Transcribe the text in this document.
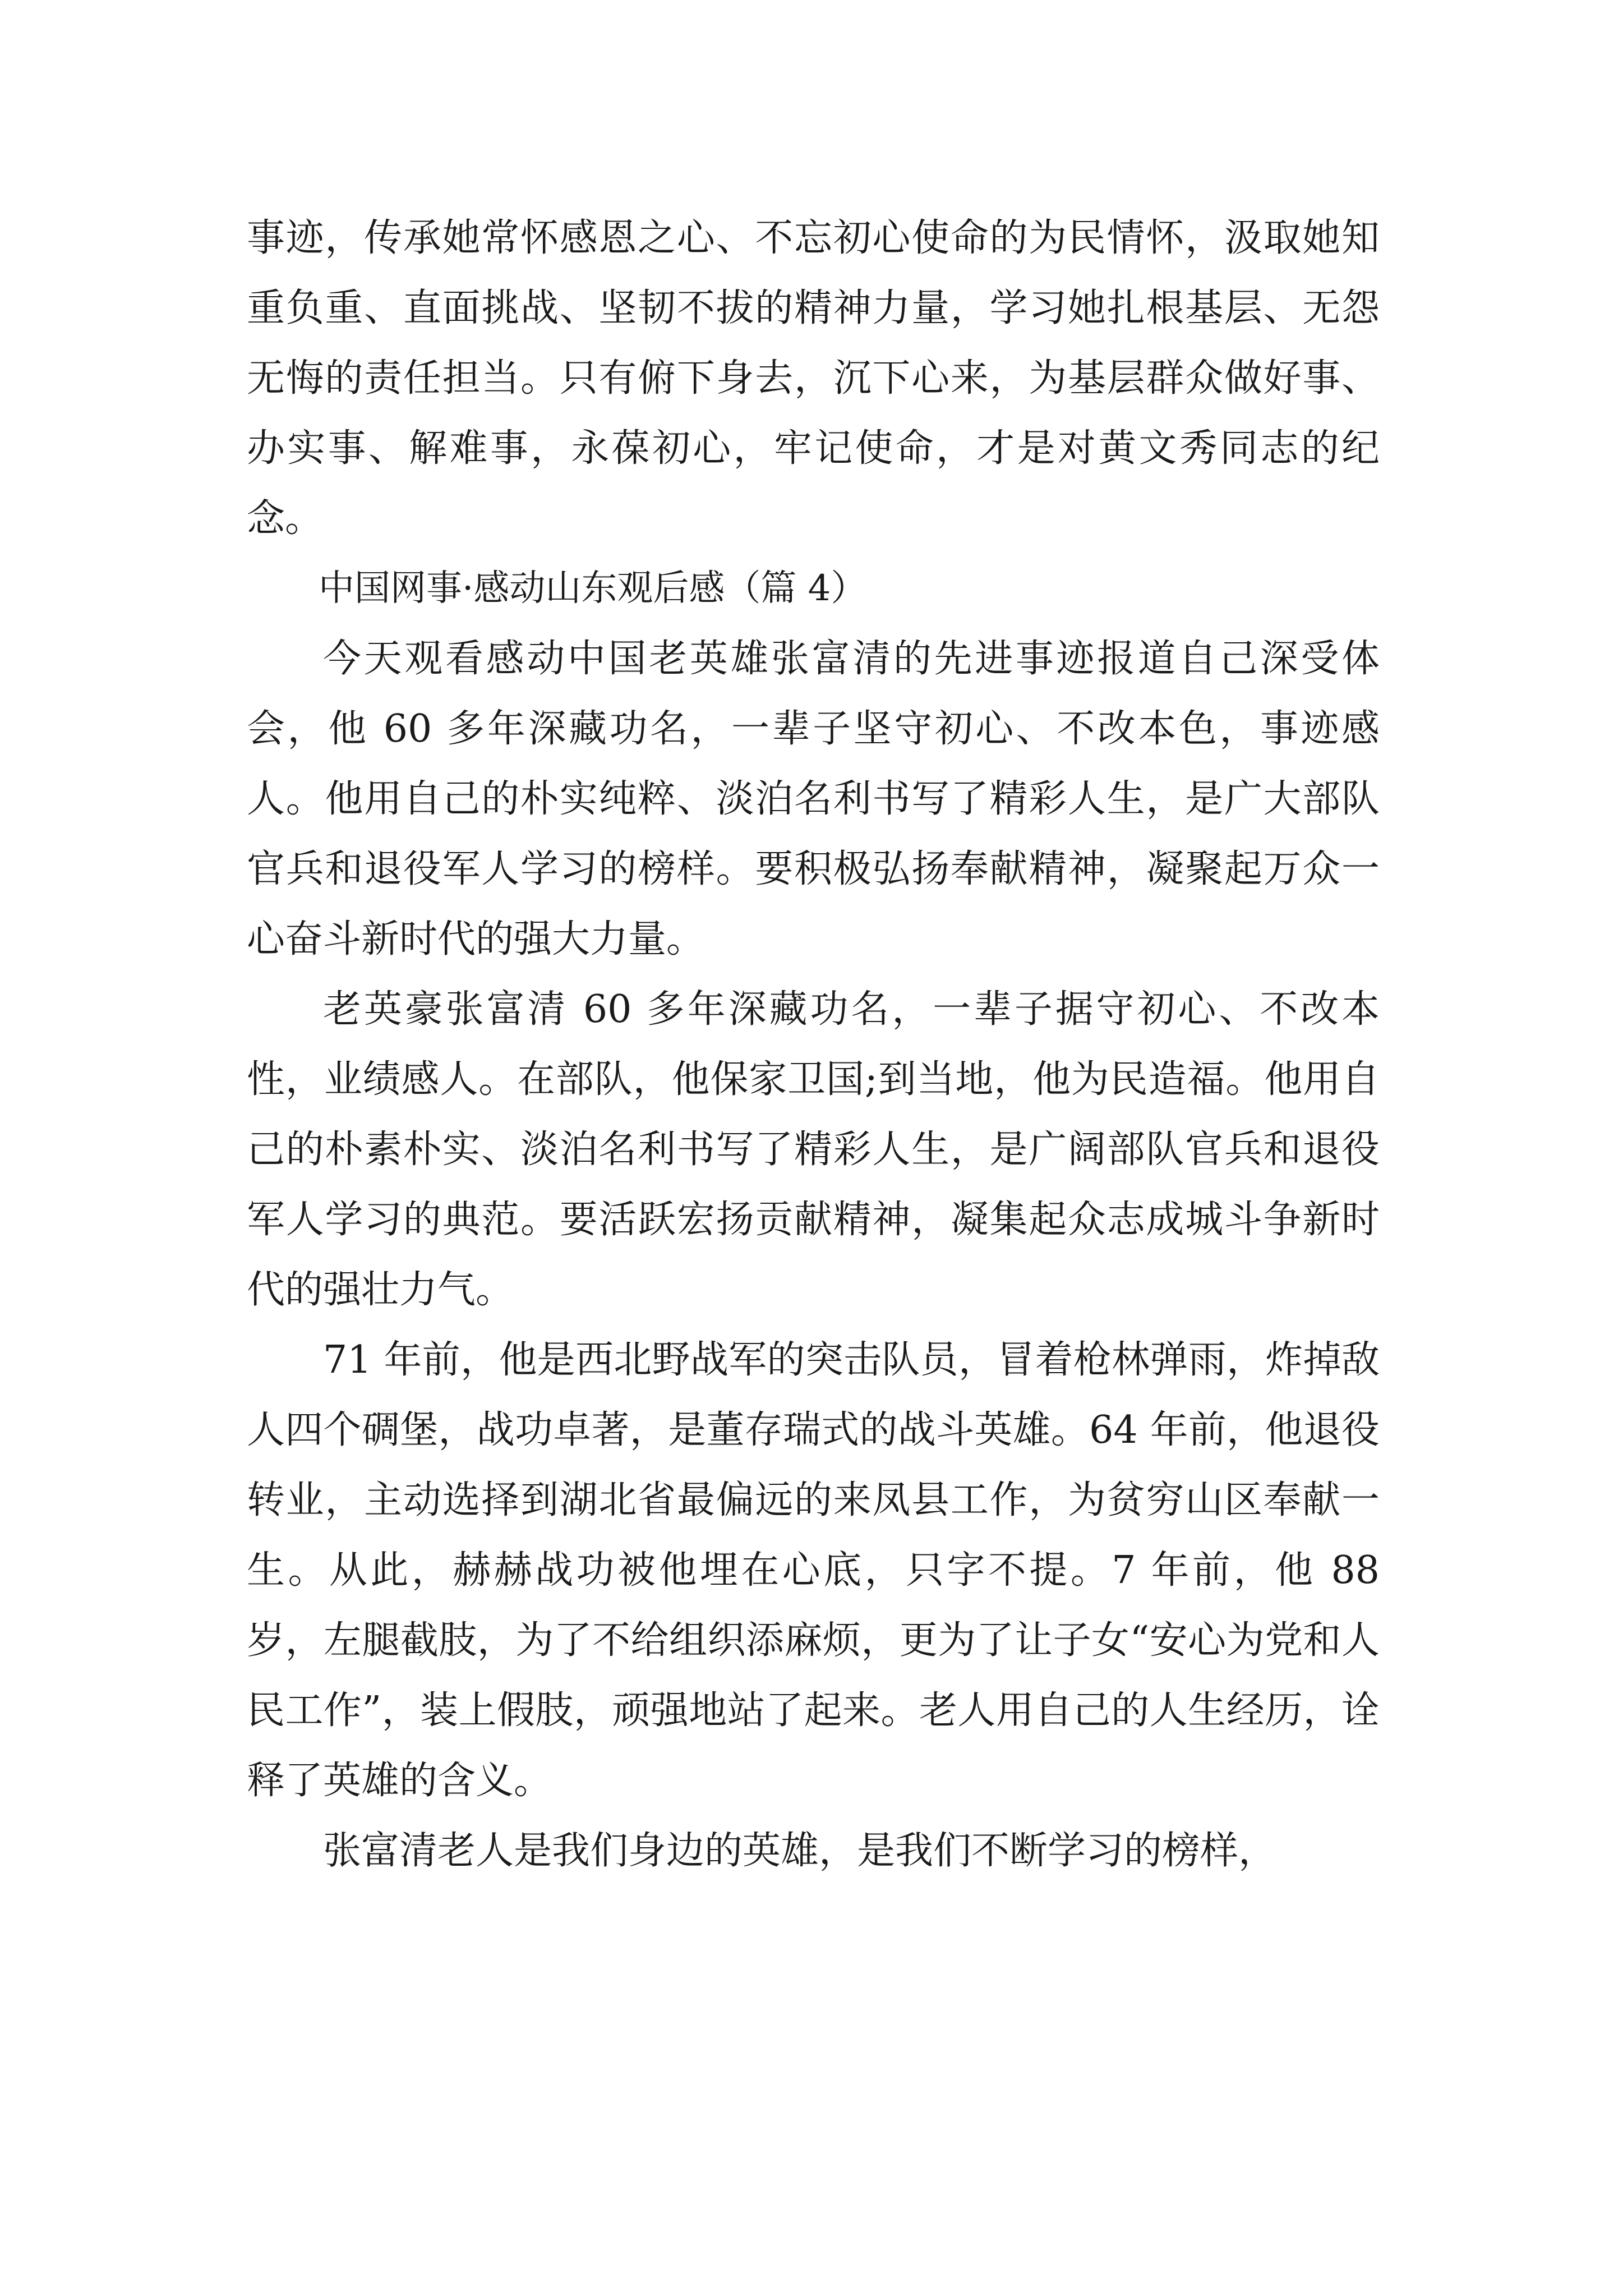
事迹，传承她常怀感恩之心、不忘初心使命的为民情怀，汲取她知重负重、直面挑战、坚韧不拔的精神力量，学习她扎根基层、无怨无悔的责任担当。只有俯下身去，沉下心来，为基层群众做好事、办实事、解难事，永葆初心，牢记使命，才是对黄文秀同志的纪念。

中国网事·感动山东观后感（篇 4）

今天观看感动中国老英雄张富清的先进事迹报道自己深受体会，他 60 多年深藏功名，一辈子坚守初心、不改本色，事迹感人。他用自己的朴实纯粹、淡泊名利书写了精彩人生，是广大部队官兵和退役军人学习的榜样。要积极弘扬奉献精神，凝聚起万众一心奋斗新时代的强大力量。

老英豪张富清 60 多年深藏功名，一辈子据守初心、不改本性，业绩感人。在部队，他保家卫国;到当地，他为民造福。他用自己的朴素朴实、淡泊名利书写了精彩人生，是广阔部队官兵和退役军人学习的典范。要活跃宏扬贡献精神，凝集起众志成城斗争新时代的强壮力气。

71 年前，他是西北野战军的突击队员，冒着枪林弹雨，炸掉敌人四个碉堡，战功卓著，是董存瑞式的战斗英雄。64 年前，他退役转业，主动选择到湖北省最偏远的来凤县工作，为贫穷山区奉献一生。从此，赫赫战功被他埋在心底，只字不提。7 年前，他 88 岁，左腿截肢，为了不给组织添麻烦，更为了让子女“安心为党和人民工作”，装上假肢，顽强地站了起来。老人用自己的人生经历，诠释了英雄的含义。

张富清老人是我们身边的英雄，是我们不断学习的榜样，
